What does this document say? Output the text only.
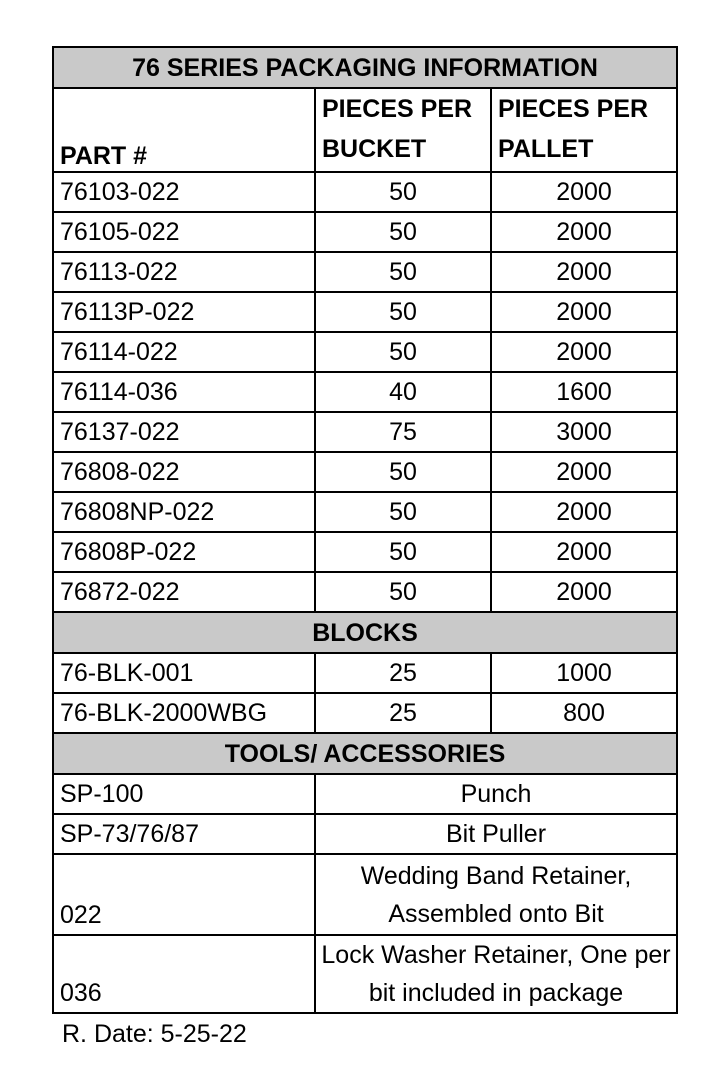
76 SERIES PACKAGING INFORMATION		
PART #	PIECES PER BUCKET	PIECES PER PALLET
76103-022	50	2000
76105-022	50	2000
76113-022	50	2000
76113P-022	50	2000
76114-022	50	2000
76114-036	40	1600
76137-022	75	3000
76808-022	50	2000
76808NP-022	50	2000
76808P-022	50	2000
76872-022	50	2000
BLOCKS		
76-BLK-001	25	1000
76-BLK-2000WBG	25	800
TOOLS/ ACCESSORIES		
SP-100	Punch	
SP-73/76/87	Bit Puller	
022	Wedding Band Retainer, Assembled onto Bit	
036	Lock Washer Retainer, One per bit included in package	
R. Date: 5-25-22
